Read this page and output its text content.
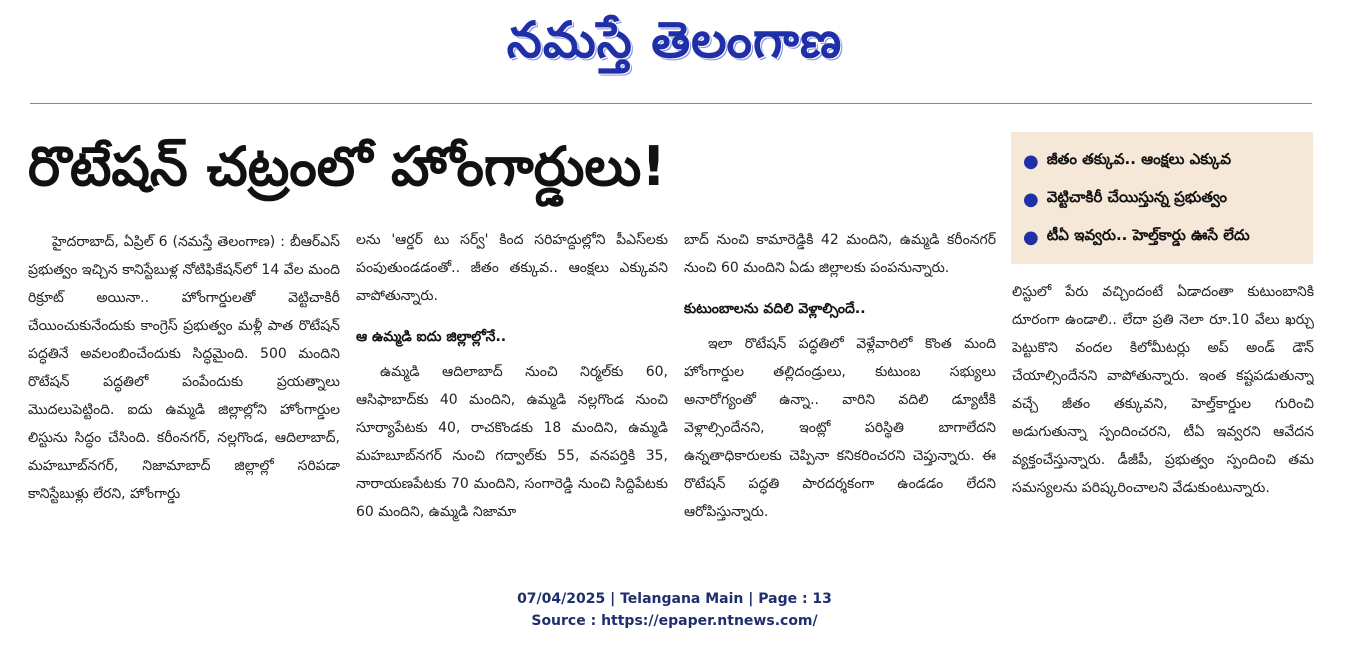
నమస్తే తెలంగాణ
రొటేషన్ చట్రంలో హోంగార్డులు!	● జీతం తక్కువ.. ఆంక్షలు ఎక్కువ
● వెట్టిచాకిరీ చేయిస్తున్న ప్రభుత్వం
● టీఏ ఇవ్వరు.. హెల్త్‌కార్డు ఊసే లేదు

హైదరాబాద్, ఏప్రిల్ 6 (నమస్తే తెలంగాణ) : బీఆర్ఎస్ ప్రభుత్వం ఇచ్చిన కానిస్టేబుళ్ల నోటిఫికేషన్‌లో 14 వేల మంది రిక్రూట్ అయినా.. హోంగార్డులతో వెట్టిచాకిరీ చేయించుకునేందుకు కాంగ్రెస్ ప్రభుత్వం మళ్లీ పాత రొటేషన్ పద్ధతినే అవలంబించేందుకు సిద్ధమైంది. 500 మందిని రొటేషన్ పద్ధతిలో పంపేందుకు ప్రయత్నాలు మొదలుపెట్టింది. ఐదు ఉమ్మడి జిల్లాల్లోని హోంగార్డుల లిస్టును సిద్ధం చేసింది. కరీంనగర్, నల్లగొండ, ఆదిలాబాద్, మహబూబ్‌నగర్, నిజామాబాద్ జిల్లాల్లో సరిపడా కానిస్టేబుళ్లు లేరని, హోంగార్డు

లను 'ఆర్డర్ టు సర్వ్' కింద సరిహద్దుల్లోని పీఎస్‌లకు పంపుతుండడంతో.. జీతం తక్కువ.. ఆంక్షలు ఎక్కువని వాపోతున్నారు.

ఆ ఉమ్మడి ఐదు జిల్లాల్లోనే..

ఉమ్మడి ఆదిలాబాద్ నుంచి నిర్మల్‌కు 60, ఆసిఫాబాద్‌కు 40 మందిని, ఉమ్మడి నల్లగొండ నుంచి సూర్యాపేటకు 40, రాచకొండకు 18 మందిని, ఉమ్మడి మహబూబ్‌నగర్ నుంచి గద్వాల్‌కు 55, వనపర్తికి 35, నారాయణపేటకు 70 మందిని, సంగారెడ్డి నుంచి సిద్దిపేటకు 60 మందిని, ఉమ్మడి నిజామా

బాద్ నుంచి కామారెడ్డికి 42 మందిని, ఉమ్మడి కరీంనగర్ నుంచి 60 మందిని ఏడు జిల్లాలకు పంపనున్నారు.

కుటుంబాలను వదిలి వెళ్లాల్సిందే..

ఇలా రొటేషన్ పద్ధతిలో వెళ్లేవారిలో కొంత మంది హోంగార్డుల తల్లిదండ్రులు, కుటుంబ సభ్యులు అనారోగ్యంతో ఉన్నా.. వారిని వదిలి డ్యూటీకి వెళ్లాల్సిందేనని, ఇంట్లో పరిస్థితి బాగాలేదని ఉన్నతాధికారులకు చెప్పినా కనికరించరని చెప్తున్నారు. ఈ రొటేషన్ పద్ధతి పారదర్శకంగా ఉండడం లేదని ఆరోపిస్తున్నారు.

లిస్టులో పేరు వచ్చిందంటే ఏడాదంతా కుటుంబానికి దూరంగా ఉండాలి.. లేదా ప్రతి నెలా రూ.10 వేలు ఖర్చు పెట్టుకొని వందల కిలోమీటర్లు అప్ అండ్ డౌన్ చేయాల్సిందేనని వాపోతున్నారు. ఇంత కష్టపడుతున్నా వచ్చే జీతం తక్కువని, హెల్త్‌కార్డుల గురించి అడుగుతున్నా స్పందించరని, టీఏ ఇవ్వరని ఆవేదన వ్యక్తంచేస్తున్నారు. డీజీపీ, ప్రభుత్వం స్పందించి తమ సమస్యలను పరిష్కరించాలని వేడుకుంటున్నారు.

07/04/2025 | Telangana Main | Page : 13
Source : https://epaper.ntnews.com/
